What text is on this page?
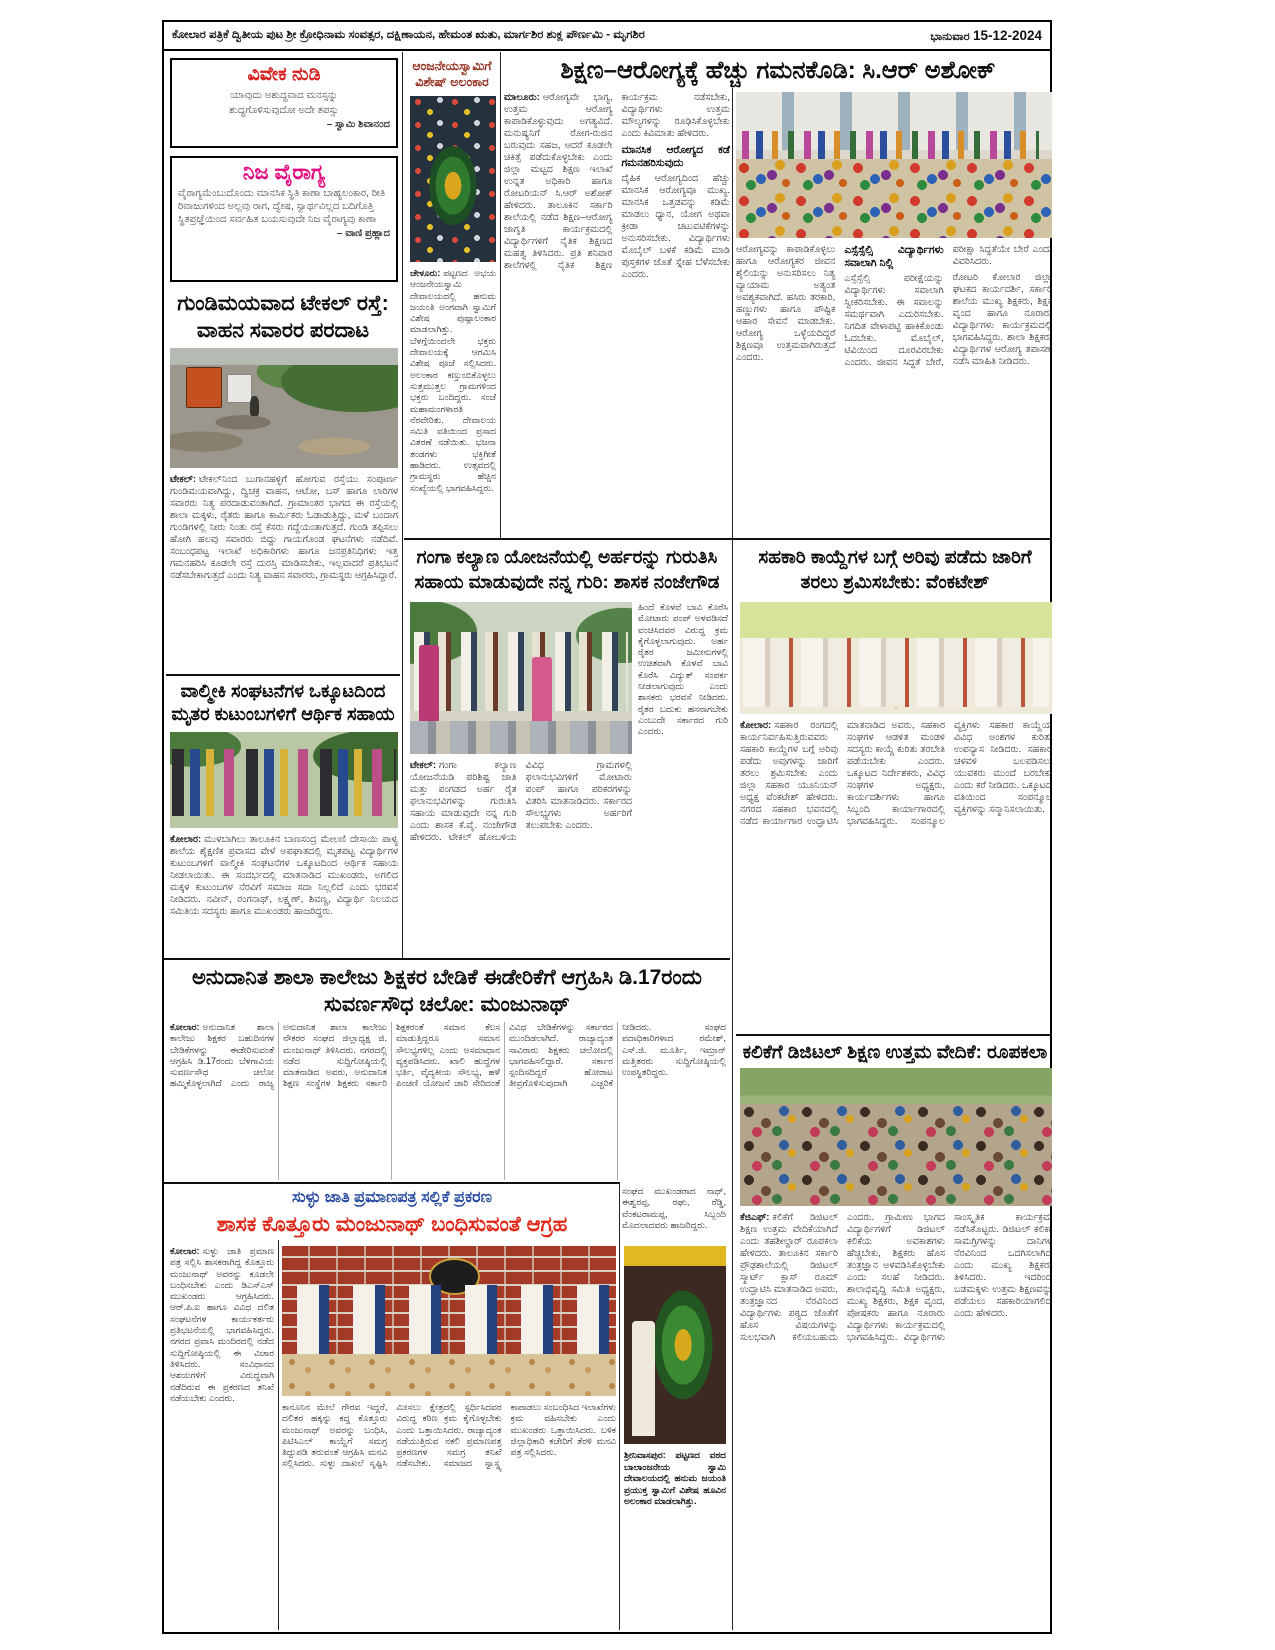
ಕೋಲಾರ ಪತ್ರಿಕೆ ದ್ವಿತೀಯ ಪುಟ ಶ್ರೀ ಕ್ರೋಧಿನಾಮ ಸಂವತ್ಸರ, ದಕ್ಷಿಣಾಯನ, ಹೇಮಂತ ಋತು, ಮಾರ್ಗಶಿರ ಶುಕ್ಲ ಪೌರ್ಣಮಿ - ಮೃಗಶಿರ	ಭಾನುವಾರ 15-12-2024
ವಿವೇಕ ನುಡಿ
ಯಾವುದು ಅಶುದ್ಧವಾದ ಮನಸ್ಸನ್ನು
ಶುದ್ಧಗೊಳಿಸುವುದೋ ಅದೇ ತಪಸ್ಸು
– ಸ್ವಾಮಿ ಶಿವಾನಂದ
ನಿಜ ವೈರಾಗ್ಯ
ವೈರಾಗ್ಯಮೆಂಬುದೊಂದು ಮಾನಸಿಕ ಸ್ಥಿತಿ ಕಾಣಾ ಬಾಹ್ಯಲಂಕಾರ, ರೀತಿ ರಿವಾಜುಗಳಿಂದ ಅಲ್ಲವು ರಾಗ, ದ್ವೇಷ, ಸ್ವಾರ್ಥವಿಲ್ಲದ ಬದಿಗೊತ್ತಿ ಸ್ಥಿತಪ್ರಜ್ಞೆಯಿಂದ ಸರ್ವಹಿತ ಬಯಸುವುದೇ ನಿಜ ವೈರಾಗ್ಯವು ಕಾಣಾ
– ವಾಣಿ ಪ್ರಹ್ಲಾದ
ಗುಂಡಿಮಯವಾದ ಟೇಕಲ್ ರಸ್ತೆ: ವಾಹನ ಸವಾರರ ಪರದಾಟ

ಟೇಕಲ್: ಟೇಕಲ್‌ನಿಂದ ಬುಗಾನಹಳ್ಳಿಗೆ ಹೋಗುವ ರಸ್ತೆಯು ಸಂಪೂರ್ಣ ಗುಂಡಿಮಯವಾಗಿದ್ದು, ದ್ವಿಚಕ್ರ ವಾಹನ, ಆಟೋ, ಬಸ್ ಹಾಗೂ ಲಾರಿಗಳ ಸವಾರರು ನಿತ್ಯ ಪರದಾಡುವಂತಾಗಿದೆ. ಗ್ರಾಮಾಂತರ ಭಾಗದ ಈ ರಸ್ತೆಯಲ್ಲಿ ಶಾಲಾ ಮಕ್ಕಳು, ರೈತರು ಹಾಗೂ ಕಾರ್ಮಿಕರು ಓಡಾಡುತ್ತಿದ್ದು, ಮಳೆ ಬಂದಾಗ ಗುಂಡಿಗಳಲ್ಲಿ ನೀರು ನಿಂತು ರಸ್ತೆ ಕೆಸರು ಗದ್ದೆಯಂತಾಗುತ್ತದೆ. ಗುಂಡಿ ತಪ್ಪಿಸಲು ಹೋಗಿ ಹಲವು ಸವಾರರು ಬಿದ್ದು ಗಾಯಗೊಂಡ ಘಟನೆಗಳು ನಡೆದಿವೆ. ಸಂಬಂಧಪಟ್ಟ ಇಲಾಖೆ ಅಧಿಕಾರಿಗಳು ಹಾಗೂ ಜನಪ್ರತಿನಿಧಿಗಳು ಇತ್ತ ಗಮನಹರಿಸಿ ಕೂಡಲೇ ರಸ್ತೆ ದುರಸ್ತಿ ಮಾಡಿಸಬೇಕು, ಇಲ್ಲವಾದರೆ ಪ್ರತಿಭಟನೆ ನಡೆಸಬೇಕಾಗುತ್ತದೆ ಎಂದು ನಿತ್ಯ ವಾಹನ ಸವಾರರು, ಗ್ರಾಮಸ್ಥರು ಆಗ್ರಹಿಸಿದ್ದಾರೆ.

ವಾಲ್ಮೀಕಿ ಸಂಘಟನೆಗಳ ಒಕ್ಕೂಟದಿಂದ ಮೃತರ ಕುಟುಂಬಗಳಿಗೆ ಆರ್ಥಿಕ ಸಹಾಯ

ಕೋಲಾರ: ಮುಳಬಾಗಿಲು ತಾಲೂಕಿನ ಬಾಣಸಂದ್ರ ಮೇಲಣಿ ದೇಸಾಯಿ ಪಾಳ್ಯ ಶಾಲೆಯ ಶೈಕ್ಷಣಿಕ ಪ್ರವಾಸದ ವೇಳೆ ಅಪಘಾತದಲ್ಲಿ ಮೃತಪಟ್ಟ ವಿದ್ಯಾರ್ಥಿಗಳ ಕುಟುಂಬಗಳಿಗೆ ವಾಲ್ಮೀಕಿ ಸಂಘಟನೆಗಳ ಒಕ್ಕೂಟದಿಂದ ಆರ್ಥಿಕ ಸಹಾಯ ನೀಡಲಾಯಿತು. ಈ ಸಂದರ್ಭದಲ್ಲಿ ಮಾತನಾಡಿದ ಮುಖಂಡರು, ಅಗಲಿದ ಮಕ್ಕಳ ಕುಟುಂಬಗಳ ನೆರವಿಗೆ ಸಮಾಜ ಸದಾ ನಿಲ್ಲಲಿದೆ ಎಂದು ಭರವಸೆ ನೀಡಿದರು. ನವೀನ್, ರಂಗನಾಥ್, ಲಕ್ಷ್ಮಣ್, ಶಿವಣ್ಣ, ವಿದ್ಯಾರ್ಥಿ ನಿಲಯದ ಸಮಿತಿಯ ಸದಸ್ಯರು ಹಾಗೂ ಮುಖಂಡರು ಹಾಜರಿದ್ದರು.

ಆಂಜನೇಯಸ್ವಾಮಿಗೆ ವಿಶೇಷ್ ಅಲಂಕಾರ

ಚೇಳೂರು: ಪಟ್ಟಣದ ಅಭಯ ಆಂಜನೇಯಸ್ವಾಮಿ ದೇವಾಲಯದಲ್ಲಿ ಹನುಮ ಜಯಂತಿ ಅಂಗವಾಗಿ ಸ್ವಾಮಿಗೆ ವಿಶೇಷ ಪುಷ್ಪಾಲಂಕಾರ ಮಾಡಲಾಗಿತ್ತು. ಬೆಳಗ್ಗೆಯಿಂದಲೇ ಭಕ್ತರು ದೇವಾಲಯಕ್ಕೆ ಆಗಮಿಸಿ ವಿಶೇಷ ಪೂಜೆ ಸಲ್ಲಿಸಿದರು. ಅಲಂಕಾರ ಕಣ್ತುಂಬಿಕೊಳ್ಳಲು ಸುತ್ತಮುತ್ತಲ ಗ್ರಾಮಗಳಿಂದ ಭಕ್ತರು ಬಂದಿದ್ದರು. ಸಂಜೆ ಮಹಾಮಂಗಳಾರತಿ ನೆರವೇರಿತು. ದೇವಾಲಯ ಸಮಿತಿ ವತಿಯಿಂದ ಪ್ರಸಾದ ವಿತರಣೆ ನಡೆಯಿತು. ಭಜನಾ ತಂಡಗಳು ಭಕ್ತಿಗೀತೆ ಹಾಡಿದರು. ಉತ್ಸವದಲ್ಲಿ ಗ್ರಾಮಸ್ಥರು ಹೆಚ್ಚಿನ ಸಂಖ್ಯೆಯಲ್ಲಿ ಭಾಗವಹಿಸಿದ್ದರು.

ಶಿಕ್ಷಣ–ಆರೋಗ್ಯಕ್ಕೆ ಹೆಚ್ಚು ಗಮನಕೊಡಿ: ಸಿ.ಆರ್ ಅಶೋಕ್

ಮಾಲೂರು: ಆರೋಗ್ಯವೇ ಭಾಗ್ಯ, ಉತ್ತಮ ಆರೋಗ್ಯ ಕಾಪಾಡಿಕೊಳ್ಳುವುದು ಅಗತ್ಯವಿದೆ. ಮನುಷ್ಯನಿಗೆ ರೋಗ-ರುಜಿನ ಬರುವುದು ಸಹಜ, ಆದರೆ ಕೂಡಲೇ ಚಿಕಿತ್ಸೆ ಪಡೆದುಕೊಳ್ಳಬೇಕು ಎಂದು ಜಿಲ್ಲಾ ಮಟ್ಟದ ಶಿಕ್ಷಣ ಇಲಾಖೆ ಉನ್ನತ ಅಧಿಕಾರಿ ಹಾಗೂ ರೋಟರಿಯನ್ ಸಿ.ಆರ್ ಅಶೋಕ್ ಹೇಳಿದರು. ತಾಲೂಕಿನ ಸರ್ಕಾರಿ ಶಾಲೆಯಲ್ಲಿ ನಡೆದ ಶಿಕ್ಷಣ–ಆರೋಗ್ಯ ಜಾಗೃತಿ ಕಾರ್ಯಕ್ರಮದಲ್ಲಿ ವಿದ್ಯಾರ್ಥಿಗಳಿಗೆ ನೈತಿಕ ಶಿಕ್ಷಣದ ಮಹತ್ವ ತಿಳಿಸಿದರು. ಪ್ರತಿ ಶನಿವಾರ ಶಾಲೆಗಳಲ್ಲಿ ನೈತಿಕ ಶಿಕ್ಷಣ ಕಾರ್ಯಕ್ರಮ ನಡೆಸಬೇಕು, ವಿದ್ಯಾರ್ಥಿಗಳು ಉತ್ತಮ ಮೌಲ್ಯಗಳನ್ನು ರೂಢಿಸಿಕೊಳ್ಳಬೇಕು ಎಂದು ಕಿವಿಮಾತು ಹೇಳಿದರು.

ಮಾನಸಿಕ ಆರೋಗ್ಯದ ಕಡೆ ಗಮನಹರಿಸುವುದು

ದೈಹಿಕ ಆರೋಗ್ಯದಿಂದ ಹೆಚ್ಚು ಮಾನಸಿಕ ಆರೋಗ್ಯವೂ ಮುಖ್ಯ. ಮಾನಸಿಕ ಒತ್ತಡವನ್ನು ಕಡಿಮೆ ಮಾಡಲು ಧ್ಯಾನ, ಯೋಗ ಅಥವಾ ಕ್ರೀಡಾ ಚಟುವಟಿಕೆಗಳನ್ನು ಅನುಸರಿಸಬೇಕು. ವಿದ್ಯಾರ್ಥಿಗಳು ಮೊಬೈಲ್ ಬಳಕೆ ಕಡಿಮೆ ಮಾಡಿ ಪುಸ್ತಕಗಳ ಜೊತೆ ಸ್ನೇಹ ಬೆಳೆಸಬೇಕು ಎಂದರು.

ಆರೋಗ್ಯವನ್ನು ಕಾಪಾಡಿಕೊಳ್ಳಲು ಹಾಗೂ ಆರೋಗ್ಯಕರ ಜೀವನ ಶೈಲಿಯನ್ನು ಅನುಸರಿಸಲು ನಿತ್ಯ ವ್ಯಾಯಾಮ ಅತ್ಯಂತ ಅವಶ್ಯಕವಾಗಿದೆ. ಹಸಿರು ತರಕಾರಿ, ಹಣ್ಣುಗಳು ಹಾಗೂ ಪೌಷ್ಟಿಕ ಆಹಾರ ಸೇವನೆ ಮಾಡಬೇಕು. ಆರೋಗ್ಯ ಒಳ್ಳೆಯದಿದ್ದರೆ ಶಿಕ್ಷಣವೂ ಉತ್ತಮವಾಗಿರುತ್ತದೆ ಎಂದರು.

ಎಸ್ಸೆಸ್ಸೆಲ್ಸಿ ವಿದ್ಯಾರ್ಥಿಗಳು ಸವಾಲಾಗಿ ನಿಲ್ಲಿ

ಎಸ್ಸೆಸ್ಸೆಲ್ಸಿ ಪರೀಕ್ಷೆಯನ್ನು ವಿದ್ಯಾರ್ಥಿಗಳು ಸವಾಲಾಗಿ ಸ್ವೀಕರಿಸಬೇಕು. ಈ ಸವಾಲನ್ನು ಸಮರ್ಥವಾಗಿ ಎದುರಿಸಬೇಕು. ನಿಗದಿತ ವೇಳಾಪಟ್ಟಿ ಹಾಕಿಕೊಂಡು ಓದಬೇಕು. ಮೊಬೈಲ್, ಟಿವಿಯಿಂದ ದೂರವಿರಬೇಕು ಎಂದರು. ಜೀವನ ಸಿದ್ಧತೆ ಬೇರೆ, ಪರೀಕ್ಷಾ ಸಿದ್ಧತೆಯೇ ಬೇರೆ ಎಂದು ವಿವರಿಸಿದರು.

ರೋಟರಿ ಕೋಲಾರ ಜಿಲ್ಲಾ ಘಟಕದ ಕಾರ್ಯದರ್ಶಿ, ಸರ್ಕಾರಿ ಶಾಲೆಯ ಮುಖ್ಯ ಶಿಕ್ಷಕರು, ಶಿಕ್ಷಕ ವೃಂದ ಹಾಗೂ ನೂರಾರು ವಿದ್ಯಾರ್ಥಿಗಳು ಕಾರ್ಯಕ್ರಮದಲ್ಲಿ ಭಾಗವಹಿಸಿದ್ದರು. ಶಾಲಾ ಶಿಕ್ಷಕರು ವಿದ್ಯಾರ್ಥಿಗಳ ಆರೋಗ್ಯ ತಪಾಸಣೆ ನಡೆಸಿ ಮಾಹಿತಿ ನೀಡಿದರು.

ಗಂಗಾ ಕಲ್ಯಾಣ ಯೋಜನೆಯಲ್ಲಿ ಅರ್ಹರನ್ನು ಗುರುತಿಸಿ ಸಹಾಯ ಮಾಡುವುದೇ ನನ್ನ ಗುರಿ: ಶಾಸಕ ನಂಜೇಗೌಡ
ಹಿಂದೆ ಕೊಳವೆ ಬಾವಿ ಕೊರೆಸಿ ಮೋಟಾರು ಪಂಪ್ ಅಳವಡಿಸದೆ ವಂಚಿಸಿದವರ ವಿರುದ್ಧ ಕ್ರಮ ಕೈಗೊಳ್ಳಲಾಗುವುದು. ಅರ್ಹ ರೈತರ ಜಮೀನುಗಳಲ್ಲಿ ಉಚಿತವಾಗಿ ಕೊಳವೆ ಬಾವಿ ಕೊರೆಸಿ ವಿದ್ಯುತ್ ಸಂಪರ್ಕ ನೀಡಲಾಗುವುದು ಎಂದು ಶಾಸಕರು ಭರವಸೆ ನೀಡಿದರು. ರೈತರ ಬದುಕು ಹಸನಾಗಬೇಕು ಎಂಬುದೇ ಸರ್ಕಾರದ ಗುರಿ ಎಂದರು.

ಟೇಕಲ್: ಗಂಗಾ ಕಲ್ಯಾಣ ಯೋಜನೆಯಡಿ ಪರಿಶಿಷ್ಟ ಜಾತಿ ಮತ್ತು ಪಂಗಡದ ಅರ್ಹ ರೈತ ಫಲಾನುಭವಿಗಳನ್ನು ಗುರುತಿಸಿ ಸಹಾಯ ಮಾಡುವುದೇ ನನ್ನ ಗುರಿ ಎಂದು ಶಾಸಕ ಕೆ.ವೈ. ನಂಜೇಗೌಡ ಹೇಳಿದರು. ಟೇಕಲ್ ಹೋಬಳಿಯ ವಿವಿಧ ಗ್ರಾಮಗಳಲ್ಲಿ ಫಲಾನುಭವಿಗಳಿಗೆ ಮೋಟಾರು ಪಂಪ್ ಹಾಗೂ ಪರಿಕರಗಳನ್ನು ವಿತರಿಸಿ ಮಾತನಾಡಿದರು. ಸರ್ಕಾರದ ಸೌಲಭ್ಯಗಳು ಅರ್ಹರಿಗೆ ತಲುಪಬೇಕು ಎಂದರು.

ಸಹಕಾರಿ ಕಾಯ್ದೆಗಳ ಬಗ್ಗೆ ಅರಿವು ಪಡೆದು ಜಾರಿಗೆ ತರಲು ಶ್ರಮಿಸಬೇಕು: ವೆಂಕಟೇಶ್

ಕೋಲಾರ: ಸಹಕಾರ ರಂಗದಲ್ಲಿ ಕಾರ್ಯನಿರ್ವಹಿಸುತ್ತಿರುವವರು ಸಹಕಾರಿ ಕಾಯ್ದೆಗಳ ಬಗ್ಗೆ ಅರಿವು ಪಡೆದು ಅವುಗಳನ್ನು ಜಾರಿಗೆ ತರಲು ಶ್ರಮಿಸಬೇಕು ಎಂದು ಜಿಲ್ಲಾ ಸಹಕಾರ ಯೂನಿಯನ್ ಅಧ್ಯಕ್ಷ ವೆಂಕಟೇಶ್ ಹೇಳಿದರು. ನಗರದ ಸಹಕಾರ ಭವನದಲ್ಲಿ ನಡೆದ ಕಾರ್ಯಾಗಾರ ಉದ್ಘಾಟಿಸಿ ಮಾತನಾಡಿದ ಅವರು, ಸಹಕಾರ ಸಂಘಗಳ ಆಡಳಿತ ಮಂಡಳಿ ಸದಸ್ಯರು ಕಾಯ್ದೆ ಕುರಿತು ತರಬೇತಿ ಪಡೆಯಬೇಕು ಎಂದರು. ಒಕ್ಕೂಟದ ನಿರ್ದೇಶಕರು, ವಿವಿಧ ಸಂಘಗಳ ಅಧ್ಯಕ್ಷರು, ಕಾರ್ಯದರ್ಶಿಗಳು ಹಾಗೂ ಸಿಬ್ಬಂದಿ ಕಾರ್ಯಾಗಾರದಲ್ಲಿ ಭಾಗವಹಿಸಿದ್ದರು. ಸಂಪನ್ಮೂಲ ವ್ಯಕ್ತಿಗಳು ಸಹಕಾರ ಕಾಯ್ದೆಯ ವಿವಿಧ ಅಂಶಗಳ ಕುರಿತು ಉಪನ್ಯಾಸ ನೀಡಿದರು. ಸಹಕಾರ ಚಳವಳಿ ಬಲಪಡಿಸಲು ಯುವಕರು ಮುಂದೆ ಬರಬೇಕು ಎಂದು ಕರೆ ನೀಡಿದರು. ಒಕ್ಕೂಟದ ವತಿಯಿಂದ ಸಂಪನ್ಮೂಲ ವ್ಯಕ್ತಿಗಳನ್ನು ಸನ್ಮಾನಿಸಲಾಯಿತು.

ಅನುದಾನಿತ ಶಾಲಾ ಕಾಲೇಜು ಶಿಕ್ಷಕರ ಬೇಡಿಕೆ ಈಡೇರಿಕೆಗೆ ಆಗ್ರಹಿಸಿ ಡಿ.17ರಂದು ಸುವರ್ಣಸೌಧ ಚಲೋ: ಮಂಜುನಾಥ್

ಕೋಲಾರ: ಅನುದಾನಿತ ಶಾಲಾ ಕಾಲೇಜು ಶಿಕ್ಷಕರ ಬಹುದಿನಗಳ ಬೇಡಿಕೆಗಳನ್ನು ಈಡೇರಿಸುವಂತೆ ಆಗ್ರಹಿಸಿ ಡಿ.17ರಂದು ಬೆಳಗಾವಿಯ ಸುವರ್ಣಸೌಧ ಚಲೋ ಹಮ್ಮಿಕೊಳ್ಳಲಾಗಿದೆ ಎಂದು ರಾಜ್ಯ ಅನುದಾನಿತ ಶಾಲಾ ಕಾಲೇಜು ನೌಕರರ ಸಂಘದ ಜಿಲ್ಲಾಧ್ಯಕ್ಷ ಜಿ. ಮಂಜುನಾಥ್ ತಿಳಿಸಿದರು. ನಗರದಲ್ಲಿ ನಡೆದ ಸುದ್ದಿಗೋಷ್ಠಿಯಲ್ಲಿ ಮಾತನಾಡಿದ ಅವರು, ಅನುದಾನಿತ ಶಿಕ್ಷಣ ಸಂಸ್ಥೆಗಳ ಶಿಕ್ಷಕರು ಸರ್ಕಾರಿ ಶಿಕ್ಷಕರಂತೆ ಸಮಾನ ಕೆಲಸ ಮಾಡುತ್ತಿದ್ದರೂ ಸಮಾನ ಸೌಲಭ್ಯಗಳಿಲ್ಲ ಎಂದು ಅಸಮಾಧಾನ ವ್ಯಕ್ತಪಡಿಸಿದರು. ಖಾಲಿ ಹುದ್ದೆಗಳ ಭರ್ತಿ, ವೈದ್ಯಕೀಯ ಸೌಲಭ್ಯ, ಹಳೆ ಪಿಂಚಣಿ ಯೋಜನೆ ಜಾರಿ ಸೇರಿದಂತೆ ವಿವಿಧ ಬೇಡಿಕೆಗಳನ್ನು ಸರ್ಕಾರದ ಮುಂದಿಡಲಾಗಿದೆ. ರಾಜ್ಯಾದ್ಯಂತ ಸಾವಿರಾರು ಶಿಕ್ಷಕರು ಚಲೋದಲ್ಲಿ ಭಾಗವಹಿಸಲಿದ್ದಾರೆ. ಸರ್ಕಾರ ಸ್ಪಂದಿಸದಿದ್ದರೆ ಹೋರಾಟ ತೀವ್ರಗೊಳಿಸುವುದಾಗಿ ಎಚ್ಚರಿಕೆ ನೀಡಿದರು. ಸಂಘದ ಪದಾಧಿಕಾರಿಗಳಾದ ರಮೇಶ್, ಎಸ್.ಜಿ. ಮೂರ್ತಿ, ಇಮ್ರಾನ್ ಮತ್ತಿತರರು ಸುದ್ದಿಗೋಷ್ಠಿಯಲ್ಲಿ ಉಪಸ್ಥಿತರಿದ್ದರು.

ಸಂಘದ ಮುಖಂಡರಾದ ನಾಥ್, ಈಶ್ವರಪ್ಪ, ರಘು, ರೆಡ್ಡಿ, ವೆಂಕಟರಾಮಪ್ಪ, ಸಿಬ್ಬಂದಿ ಮೊದಲಾದವರು ಹಾಜರಿದ್ದರು.
ಕಲಿಕೆಗೆ ಡಿಜಿಟಲ್ ಶಿಕ್ಷಣ ಉತ್ತಮ ವೇದಿಕೆ: ರೂಪಕಲಾ

ಕೆಜಿಎಫ್: ಕಲಿಕೆಗೆ ಡಿಜಿಟಲ್ ಶಿಕ್ಷಣ ಉತ್ತಮ ವೇದಿಕೆಯಾಗಿದೆ ಎಂದು ತಹಶೀಲ್ದಾರ್ ರೂಪಕಲಾ ಹೇಳಿದರು. ತಾಲೂಕಿನ ಸರ್ಕಾರಿ ಪ್ರೌಢಶಾಲೆಯಲ್ಲಿ ಡಿಜಿಟಲ್ ಸ್ಮಾರ್ಟ್ ಕ್ಲಾಸ್ ರೂಮ್ ಉದ್ಘಾಟಿಸಿ ಮಾತನಾಡಿದ ಅವರು, ತಂತ್ರಜ್ಞಾನದ ನೆರವಿನಿಂದ ವಿದ್ಯಾರ್ಥಿಗಳು ಪಠ್ಯದ ಜೊತೆಗೆ ಹೊಸ ವಿಷಯಗಳನ್ನು ಸುಲಭವಾಗಿ ಕಲಿಯಬಹುದು ಎಂದರು. ಗ್ರಾಮೀಣ ಭಾಗದ ವಿದ್ಯಾರ್ಥಿಗಳಿಗೆ ಡಿಜಿಟಲ್ ಕಲಿಕೆಯ ಅವಕಾಶಗಳು ಹೆಚ್ಚಬೇಕು, ಶಿಕ್ಷಕರು ಹೊಸ ತಂತ್ರಜ್ಞಾನ ಅಳವಡಿಸಿಕೊಳ್ಳಬೇಕು ಎಂದು ಸಲಹೆ ನೀಡಿದರು. ಶಾಲಾಭಿವೃದ್ಧಿ ಸಮಿತಿ ಅಧ್ಯಕ್ಷರು, ಮುಖ್ಯ ಶಿಕ್ಷಕರು, ಶಿಕ್ಷಕ ವೃಂದ, ಪೋಷಕರು ಹಾಗೂ ನೂರಾರು ವಿದ್ಯಾರ್ಥಿಗಳು ಕಾರ್ಯಕ್ರಮದಲ್ಲಿ ಭಾಗವಹಿಸಿದ್ದರು. ವಿದ್ಯಾರ್ಥಿಗಳು ಸಾಂಸ್ಕೃತಿಕ ಕಾರ್ಯಕ್ರಮ ನಡೆಸಿಕೊಟ್ಟರು. ಡಿಜಿಟಲ್ ಕಲಿಕಾ ಸಾಮಗ್ರಿಗಳನ್ನು ದಾನಿಗಳ ನೆರವಿನಿಂದ ಒದಗಿಸಲಾಗಿದೆ ಎಂದು ಮುಖ್ಯ ಶಿಕ್ಷಕರು ತಿಳಿಸಿದರು. ಇದರಿಂದ ಬಡಮಕ್ಕಳು ಉತ್ತಮ ಶಿಕ್ಷಣವನ್ನು ಪಡೆಯಲು ಸಹಕಾರಿಯಾಗಲಿದೆ ಎಂದು ಹೇಳಿದರು.

ಸುಳ್ಳು ಜಾತಿ ಪ್ರಮಾಣಪತ್ರ ಸಲ್ಲಿಕೆ ಪ್ರಕರಣ
ಶಾಸಕ ಕೊತ್ತೂರು ಮಂಜುನಾಥ್ ಬಂಧಿಸುವಂತೆ ಆಗ್ರಹ

ಕೋಲಾರ: ಸುಳ್ಳು ಜಾತಿ ಪ್ರಮಾಣ ಪತ್ರ ಸಲ್ಲಿಸಿ ಶಾಸಕರಾಗಿದ್ದ ಕೊತ್ತೂರು ಮಂಜುನಾಥ್ ಅವರನ್ನು ಕೂಡಲೇ ಬಂಧಿಸಬೇಕು ಎಂದು ಡಿಎಸ್ಎಸ್ ಮುಖಂಡರು ಆಗ್ರಹಿಸಿದರು. ಆರ್.ಪಿ.ಐ ಹಾಗೂ ವಿವಿಧ ದಲಿತ ಸಂಘಟನೆಗಳ ಕಾರ್ಯಕರ್ತರು ಪ್ರತಿಭಟನೆಯಲ್ಲಿ ಭಾಗವಹಿಸಿದ್ದರು. ನಗರದ ಪ್ರವಾಸಿ ಮಂದಿರದಲ್ಲಿ ನಡೆದ ಸುದ್ದಿಗೋಷ್ಠಿಯಲ್ಲಿ ಈ ವಿಚಾರ ತಿಳಿಸಿದರು. ಸಂವಿಧಾನದ ಆಶಯಗಳಿಗೆ ವಿರುದ್ಧವಾಗಿ ನಡೆದಿರುವ ಈ ಪ್ರಕರಣದ ತನಿಖೆ ನಡೆಯಬೇಕು ಎಂದರು.

ಕಾನೂನಿನ ಮೇಲೆ ಗೌರವ ಇದ್ದರೆ, ದಲಿತರ ಹಕ್ಕನ್ನು ಕದ್ದ ಕೊತ್ತೂರು ಮಂಜುನಾಥ್ ಅವರನ್ನು ಬಂಧಿಸಿ, ಪಿಟಿಸಿಎಲ್ ಕಾಯ್ದೆಗೆ ಸಮಗ್ರ ತಿದ್ದುಪಡಿ ತರುವಂತೆ ಆಗ್ರಹಿಸಿ ಮನವಿ ಸಲ್ಲಿಸಿದರು. ಸುಳ್ಳು ದಾಖಲೆ ಸೃಷ್ಟಿಸಿ ಮೀಸಲು ಕ್ಷೇತ್ರದಲ್ಲಿ ಸ್ಪರ್ಧಿಸಿದವರ ವಿರುದ್ಧ ಕಠಿಣ ಕ್ರಮ ಕೈಗೊಳ್ಳಬೇಕು ಎಂದು ಒತ್ತಾಯಿಸಿದರು. ರಾಜ್ಯಾದ್ಯಂತ ನಡೆಯುತ್ತಿರುವ ನಕಲಿ ಪ್ರಮಾಣಪತ್ರ ಪ್ರಕರಣಗಳ ಸಮಗ್ರ ತನಿಖೆ ನಡೆಸಬೇಕು. ಸಮಾಜದ ಸ್ವಾಸ್ಥ್ಯ ಕಾಪಾಡಲು ಸಂಬಂಧಿಸಿದ ಇಲಾಖೆಗಳು ಕ್ರಮ ವಹಿಸಬೇಕು ಎಂದು ಮುಖಂಡರು ಒತ್ತಾಯಿಸಿದರು. ಬಳಿಕ ಜಿಲ್ಲಾಧಿಕಾರಿ ಕಚೇರಿಗೆ ತೆರಳಿ ಮನವಿ ಪತ್ರ ಸಲ್ಲಿಸಿದರು.	ಶ್ರೀನಿವಾಸಪುರ: ಪಟ್ಟಣದ ವಠದ ಬಾಲಾಂಜನೇಯ ಸ್ವಾಮಿ ದೇವಾಲಯದಲ್ಲಿ ಹನುಮ ಜಯಂತಿ ಪ್ರಯುಕ್ತ ಸ್ವಾಮಿಗೆ ವಿಶೇಷ ಹೂವಿನ ಅಲಂಕಾರ ಮಾಡಲಾಗಿತ್ತು.
